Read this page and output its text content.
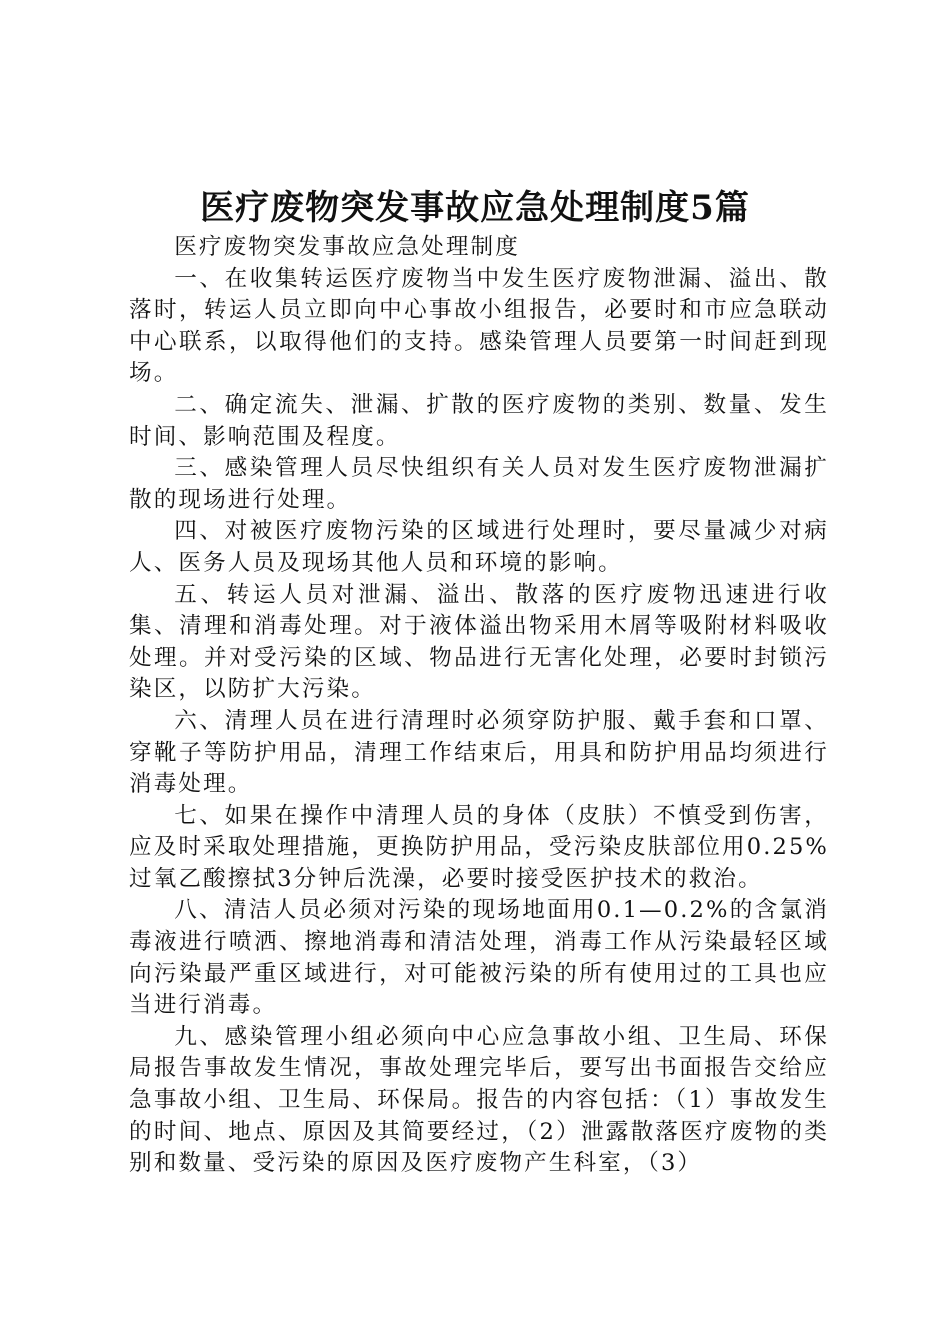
医疗废物突发事故应急处理制度5篇

医疗废物突发事故应急处理制度

一、在收集转运医疗废物当中发生医疗废物泄漏、溢出、散落时，转运人员立即向中心事故小组报告，必要时和市应急联动中心联系，以取得他们的支持。感染管理人员要第一时间赶到现场。

二、确定流失、泄漏、扩散的医疗废物的类别、数量、发生时间、影响范围及程度。

三、感染管理人员尽快组织有关人员对发生医疗废物泄漏扩散的现场进行处理。

四、对被医疗废物污染的区域进行处理时，要尽量减少对病人、医务人员及现场其他人员和环境的影响。

五、转运人员对泄漏、溢出、散落的医疗废物迅速进行收集、清理和消毒处理。对于液体溢出物采用木屑等吸附材料吸收处理。并对受污染的区域、物品进行无害化处理，必要时封锁污染区，以防扩大污染。

六、清理人员在进行清理时必须穿防护服、戴手套和口罩、穿靴子等防护用品，清理工作结束后，用具和防护用品均须进行消毒处理。

七、如果在操作中清理人员的身体（皮肤）不慎受到伤害，应及时采取处理措施，更换防护用品，受污染皮肤部位用0.25%过氧乙酸擦拭3分钟后洗澡，必要时接受医护技术的救治。

八、清洁人员必须对污染的现场地面用0.1—0.2%的含氯消毒液进行喷洒、擦地消毒和清洁处理，消毒工作从污染最轻区域向污染最严重区域进行，对可能被污染的所有使用过的工具也应当进行消毒。

九、感染管理小组必须向中心应急事故小组、卫生局、环保局报告事故发生情况，事故处理完毕后，要写出书面报告交给应急事故小组、卫生局、环保局。报告的内容包括：（1）事故发生的时间、地点、原因及其简要经过，（2）泄露散落医疗废物的类别和数量、受污染的原因及医疗废物产生科室，（3）
